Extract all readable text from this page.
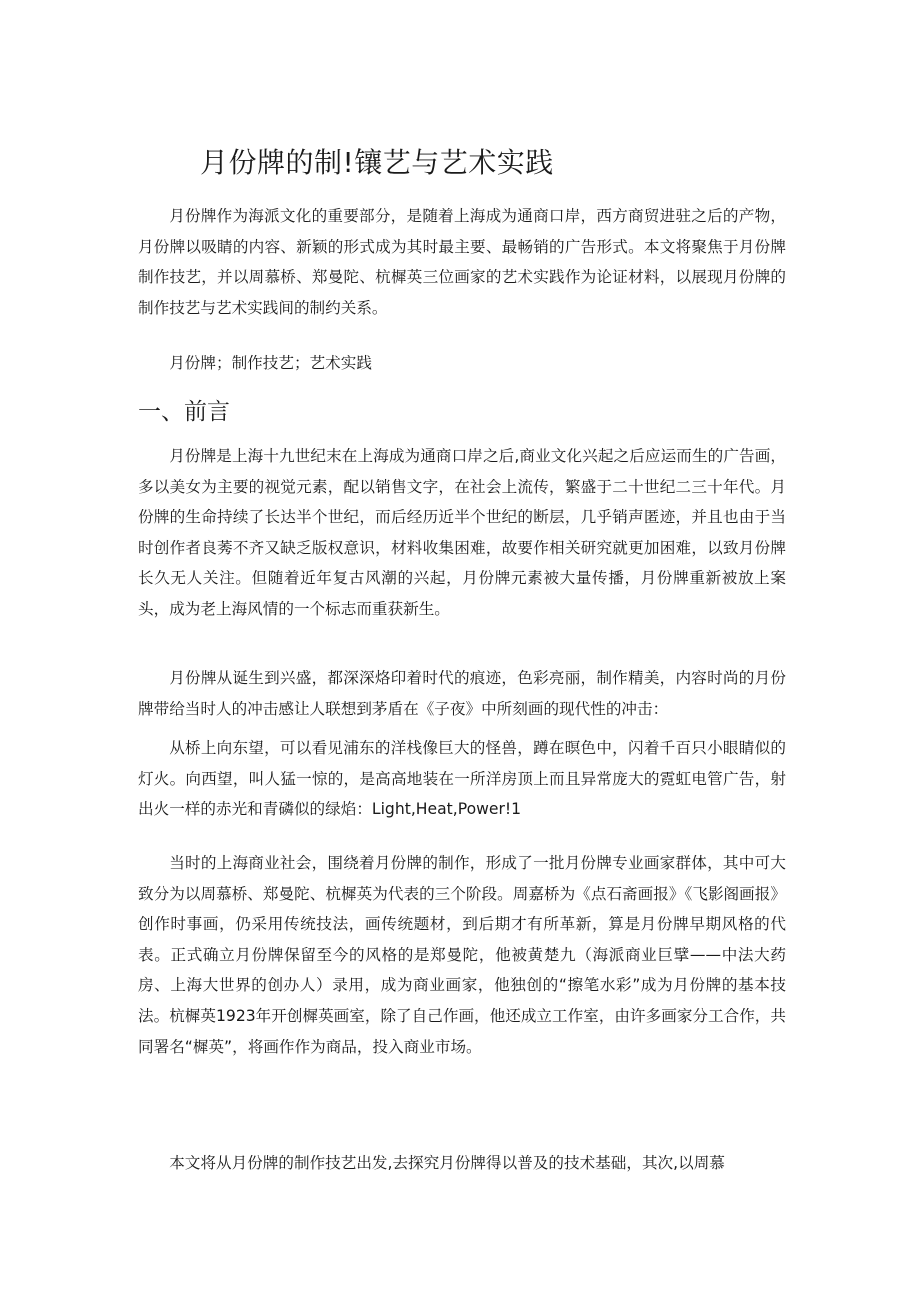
月份牌的制!镶艺与艺术实践

月份牌作为海派文化的重要部分，是随着上海成为通商口岸，西方商贸进驻之后的产物，月份牌以吸睛的内容、新颖的形式成为其时最主要、最畅销的广告形式。本文将聚焦于月份牌制作技艺，并以周慕桥、郑曼陀、杭樨英三位画家的艺术实践作为论证材料，以展现月份牌的制作技艺与艺术实践间的制约关系。

月份牌；制作技艺；艺术实践

一、前言

月份牌是上海十九世纪末在上海成为通商口岸之后,商业文化兴起之后应运而生的广告画，多以美女为主要的视觉元素，配以销售文字，在社会上流传，繁盛于二十世纪二三十年代。月份牌的生命持续了长达半个世纪，而后经历近半个世纪的断层，几乎销声匿迹，并且也由于当时创作者良莠不齐又缺乏版权意识，材料收集困难，故要作相关研究就更加困难，以致月份牌长久无人关注。但随着近年复古风潮的兴起，月份牌元素被大量传播，月份牌重新被放上案头，成为老上海风情的一个标志而重获新生。

月份牌从诞生到兴盛，都深深烙印着时代的痕迹，色彩亮丽，制作精美，内容时尚的月份牌带给当时人的冲击感让人联想到茅盾在《子夜》中所刻画的现代性的冲击：

从桥上向东望，可以看见浦东的洋栈像巨大的怪兽，蹲在暝色中，闪着千百只小眼睛似的灯火。向西望，叫人猛一惊的，是高高地装在一所洋房顶上而且异常庞大的霓虹电管广告，射出火一样的赤光和青磷似的绿焰：Light,Heat,Power!1

当时的上海商业社会，围绕着月份牌的制作，形成了一批月份牌专业画家群体，其中可大致分为以周慕桥、郑曼陀、杭樨英为代表的三个阶段。周嘉桥为《点石斋画报》《飞影阁画报》创作时事画，仍采用传统技法，画传统题材，到后期才有所革新，算是月份牌早期风格的代表。正式确立月份牌保留至今的风格的是郑曼陀，他被黄楚九（海派商业巨擘——中法大药房、上海大世界的创办人）录用，成为商业画家，他独创的“擦笔水彩”成为月份牌的基本技法。杭樨英1923年开创樨英画室，除了自己作画，他还成立工作室，由许多画家分工合作，共同署名“樨英”，将画作作为商品，投入商业市场。

本文将从月份牌的制作技艺出发,去探究月份牌得以普及的技术基础，其次,以周慕
